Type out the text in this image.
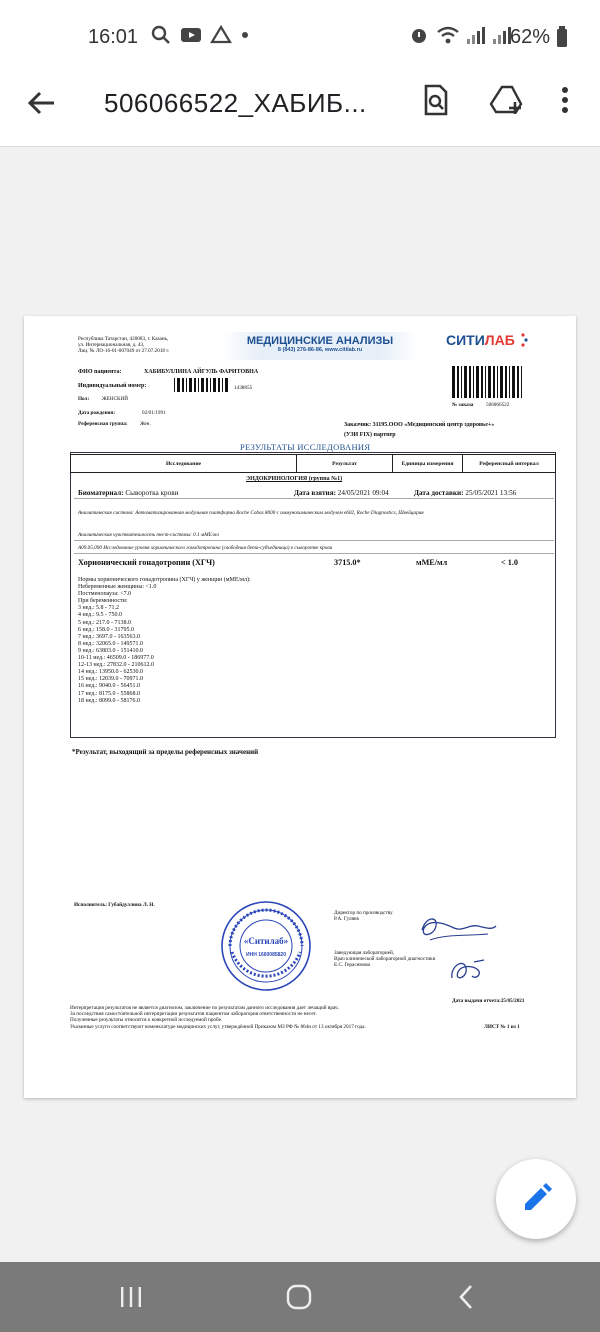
16:01	62%
506066522_ХАБИБ...
Республика Татарстан, 420083, г. Казань,
ул. Интернациональная, д. 43,
Лиц. № ЛО-16-01-007049 от 27.07.2018 г.
МЕДИЦИНСКИЕ АНАЛИЗЫ
8 (843) 276-86-86, www.citilab.ru
СИТИЛАБ
ФИО пациента:	ХАБИБУЛЛИНА АЙГУЛЬ ФАРИТОВНА
Индивидуальный номер:	1438855
Пол: ЖЕНСКИЙ
Дата рождения:	02/01/1991
Референсная группа: Жен.
№ заказа 506066522
Заказчик: 31195.ООО «Медицинский центр здоровье+»
(УЗИ FIX) партнер
РЕЗУЛЬТАТЫ ИССЛЕДОВАНИЯ
Исследование	Результат	Единицы измерения	Референсный интервал
ЭНДОКРИНОЛОГИЯ (группа №1)
Биоматериал: Сыворотка крови	Дата взятия: 24/05/2021 09:04	Дата доставки: 25/05/2021 13:56
Аналитическая система: Автоматизированная модульная платформа Roche Cobas 8000 с иммунохимическим модулем e602, Roche Diagnostics, Швейцария
Аналитическая чувствительность тест-системы: 0.1 мМЕ/мл
A09.05.090 Исследование уровня хорионического гонадотропина (свободная бета-субъединица) в сыворотке крови
Хорионический гонадотропин (ХГЧ)	3715.0*	мМЕ/мл	< 1.0
Нормы хорионического гонадотропина (ХГЧ) у женщин (мМЕ/мл):
Небеременные женщины: <1.0
Постменопауза: <7.0
При беременности:
3 нед.: 5.8 - 71.2
4 нед.: 9.5 - 750.0
5 нед.: 217.0 - 7138.0
6 нед.: 158.0 - 31795.0
7 нед.: 3697.0 - 163563.0
8 нед.: 32065.0 - 149571.0
9 нед.: 63803.0 - 151410.0
10-11 нед.: 46509.0 - 186977.0
12-13 нед.: 27832.0 - 210612.0
14 нед.: 13950.0 - 62530.0
15 нед.: 12039.0 - 70971.0
16 нед.: 9040.0 - 56451.0
17 нед.: 8175.0 - 55868.0
18 нед.: 8099.0 - 58176.0
*Результат, выходящий за пределы референсных значений
Исполнитель: Губайдуллина Л. Н.
«Ситилаб»
ИНН 1660085820
Директор по производству
Р.А. Гуляев
Заведующая лабораторией,
Врач клинической лабораторной диагностики
Е.С. Герасимова
Дата выдачи отчета:25/05/2021
Интерпретация результатов не является диагнозом, заключение по результатам данного исследования дает лечащий врач.
За последствия самостоятельной интерпретации результатов пациентом лаборатория ответственности не несет.
Полученные результаты относятся к конкретной исследуемой пробе.
Указанные услуги соответствуют номенклатуре медицинских услуг, утверждённой Приказом МЗ РФ № 804н от 13 октября 2017 года.	ЛИСТ № 1 из 1
